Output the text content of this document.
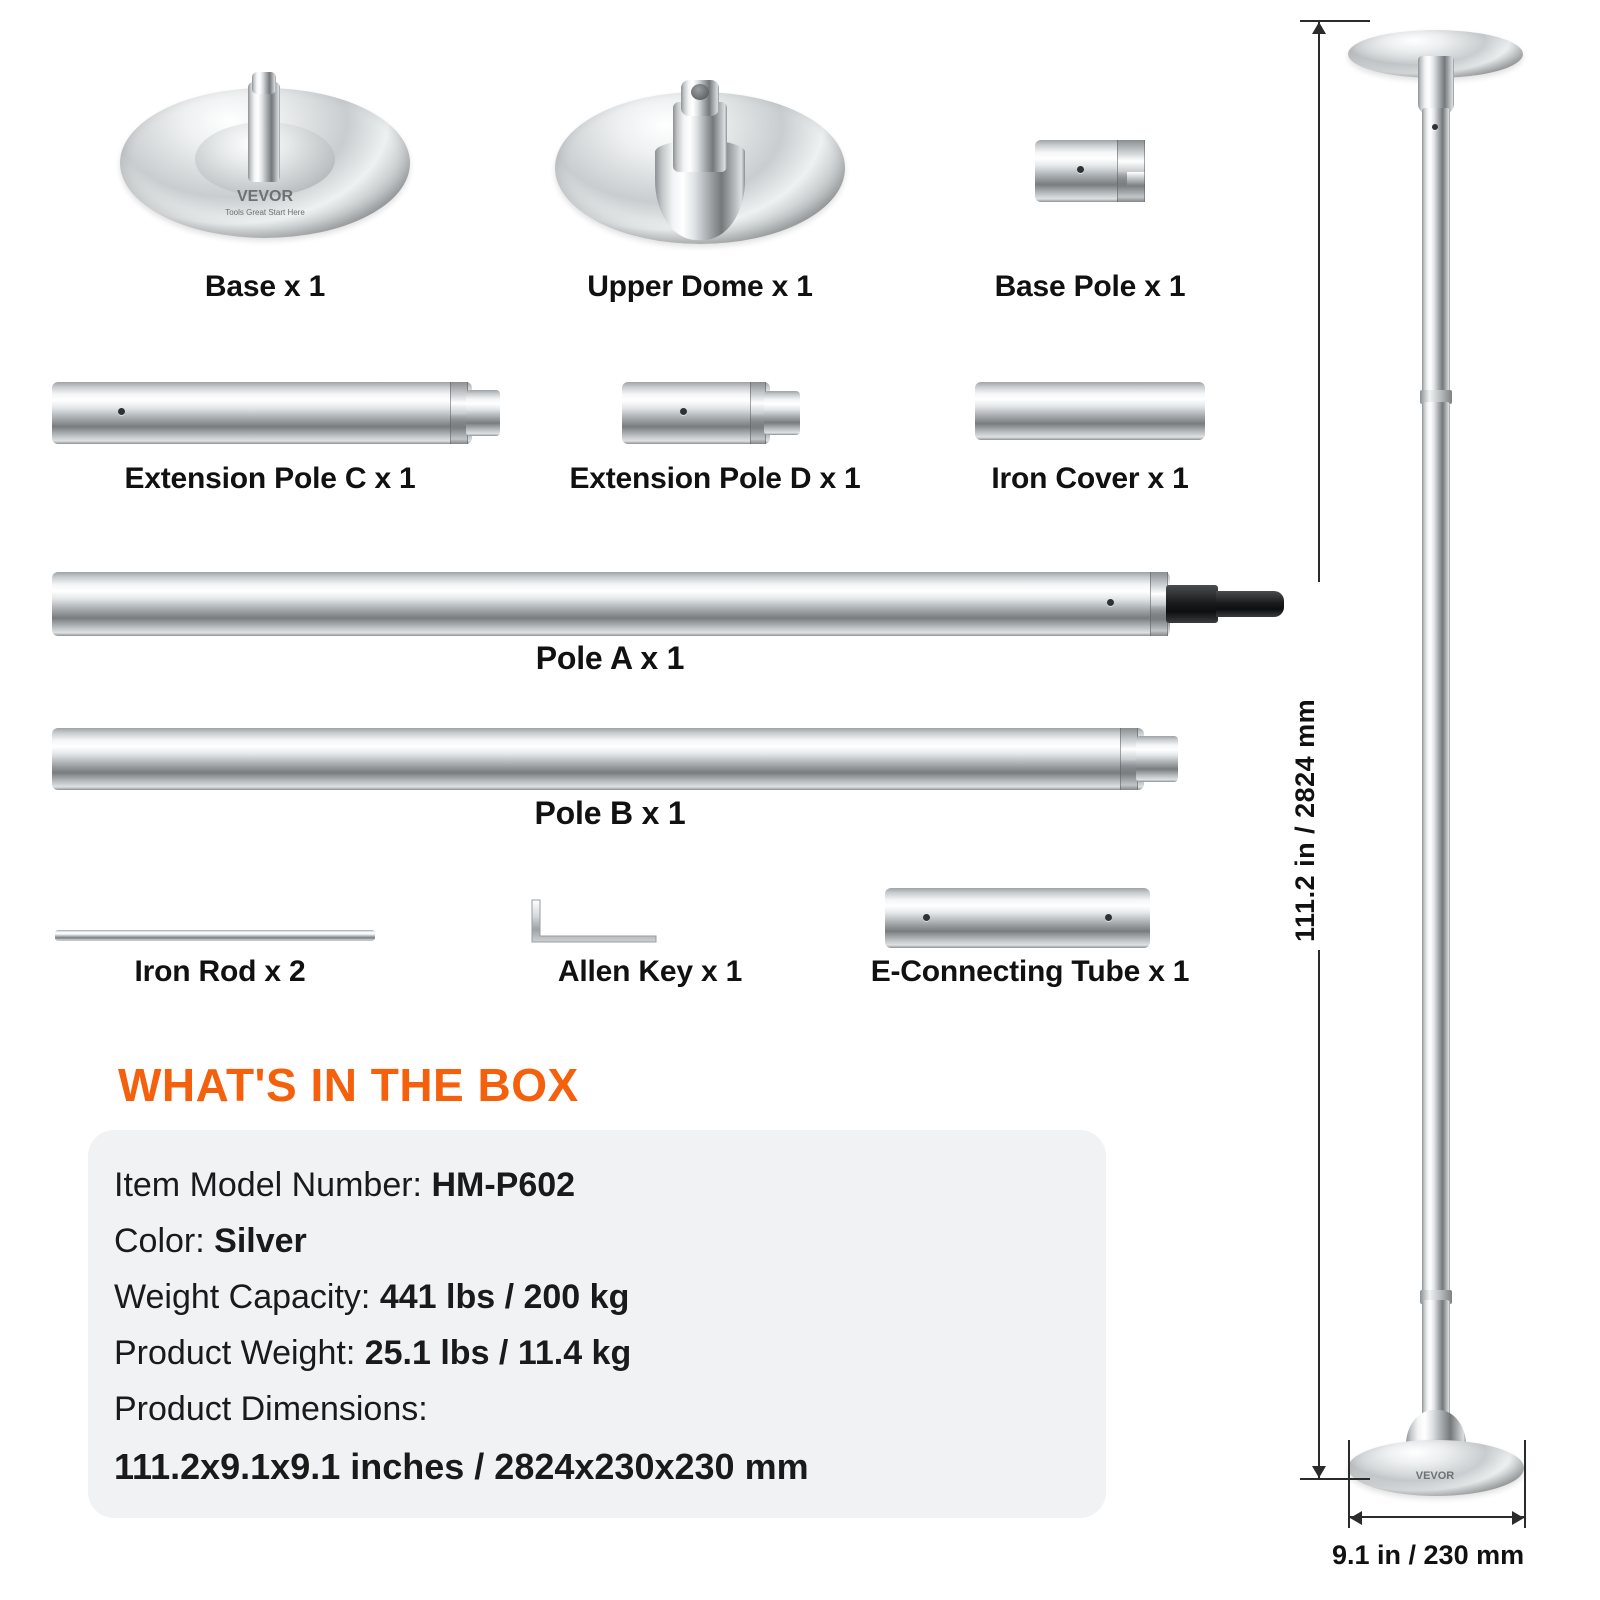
VEVOR
Tools Great Start Here
Base x 1	Upper Dome x 1	Base Pole x 1
Extension Pole C x 1	Extension Pole D x 1	Iron Cover x 1
Pole A x 1
Pole B x 1
Iron Rod x 2	Allen Key x 1	E-Connecting Tube x 1
WHAT'S IN THE BOX
Item Model Number: HM-P602
Color: Silver
Weight Capacity: 441 lbs / 200 kg
Product Weight: 25.1 lbs / 11.4 kg
Product Dimensions:
111.2x9.1x9.1 inches / 2824x230x230 mm	VEVOR
111.2 in / 2824 mm
9.1 in / 230 mm
